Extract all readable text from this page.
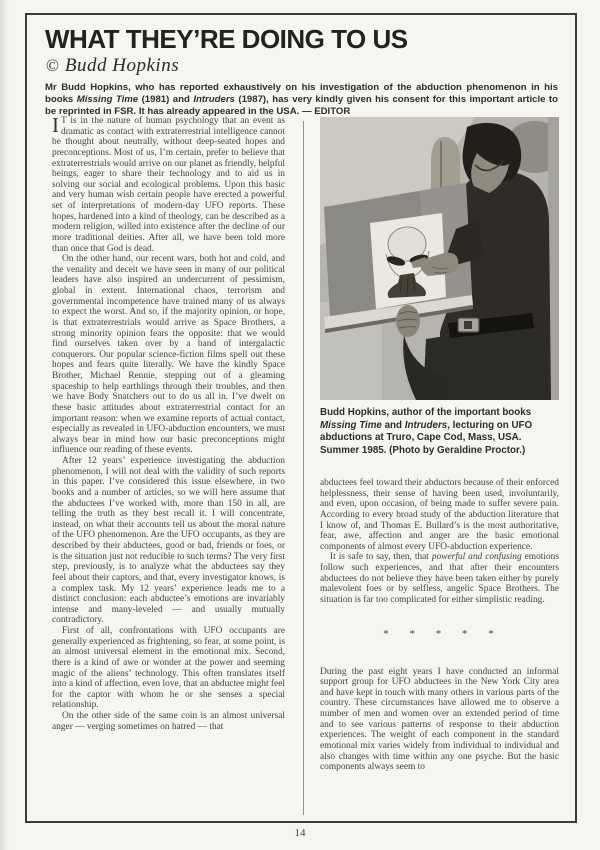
WHAT THEY’RE DOING TO US
© Budd Hopkins
Mr Budd Hopkins, who has reported exhaustively on his investigation of the abduction phenomenon in his books Missing Time (1981) and Intruders (1987), has very kindly given his consent for this important article to be reprinted in FSR. It has already appeared in the USA. — EDITOR

I T is in the nature of human psychology that an event as dramatic as contact with extraterrestrial intelligence cannot be thought about neutrally, without deep-seated hopes and preconceptions. Most of us, I’m certain, prefer to believe that extraterrestrials would arrive on our planet as friendly, helpful beings, eager to share their technology and to aid us in solving our social and ecological problems. Upon this basic and very human wish certain people have erected a powerful set of interpretations of modern-day UFO reports. These hopes, hardened into a kind of theology, can be described as a modern religion, willed into existence after the decline of our more traditional deities. After all, we have been told more than once that God is dead.

On the other hand, our recent wars, both hot and cold, and the venality and deceit we have seen in many of our political leaders have also inspired an undercurrent of pessimism, global in extent. International chaos, terrorism and governmental incompetence have trained many of us always to expect the worst. And so, if the majority opinion, or hope, is that extraterrestrials would arrive as Space Brothers, a strong minority opinion fears the opposite: that we would find ourselves taken over by a band of intergalactic conquerors. Our popular science-fiction films spell out these hopes and fears quite literally. We have the kindly Space Brother, Michael Rennie, stepping out of a gleaming spaceship to help earthlings through their troubles, and then we have Body Snatchers out to do us all in. I’ve dwelt on these basic attitudes about extraterrestrial contact for an important reason: when we examine reports of actual contact, especially as revealed in UFO-abduction encounters, we must always bear in mind how our basic preconceptions might influence our reading of these events.

After 12 years’ experience investigating the abduction phenomenon, I will not deal with the validity of such reports in this paper. I’ve considered this issue elsewhere, in two books and a number of articles, so we will here assume that the abductees I’ve worked with, more than 150 in all, are telling the truth as they best recall it. I will concentrate, instead, on what their accounts tell us about the moral nature of the UFO phenomenon. Are the UFO occupants, as they are described by their abductees, good or bad, friends or foes, or is the situation just not reducible to such terms? The very first step, previously, is to analyze what the abductees say they feel about their captors, and that, every investigator knows, is a complex task. My 12 years’ experience leads me to a distinct conclusion: each abductee’s emotions are invariably intense and many-leveled — and usually mutually contradictory.

First of all, confrontations with UFO occupants are generally experienced as frightening, so fear, at some point, is an almost universal element in the emotional mix. Second, there is a kind of awe or wonder at the power and seeming magic of the aliens’ technology. This often translates itself into a kind of affection, even love, that an abductee might feel for the captor with whom he or she senses a special relationship.

On the other side of the same coin is an almost universal anger — verging sometimes on hatred — that

Budd Hopkins, author of the important books Missing Time and Intruders, lecturing on UFO abductions at Truro, Cape Cod, Mass, USA. Summer 1985. (Photo by Geraldine Proctor.)

abductees feel toward their abductors because of their enforced helplessness, their sense of having been used, involuntarily, and even, upon occasion, of being made to suffer severe pain. According to every broad study of the abduction literature that I know of, and Thomas E. Bullard’s is the most authoritative, fear, awe, affection and anger are the basic emotional components of almost every UFO-abduction experience.

It is safe to say, then, that powerful and confusing emotions follow such experiences, and that after their encounters abductees do not believe they have been taken either by purely malevolent foes or by selfless, angelic Space Brothers. The situation is far too complicated for either simplistic reading.

* * * * *

During the past eight years I have conducted an informal support group for UFO abductees in the New York City area and have kept in touch with many others in various parts of the country. These circumstances have allowed me to observe a number of men and women over an extended period of time and to see various patterns of response to their abduction experiences. The weight of each component in the standard emotional mix varies widely from individual to individual and also changes with time within any one psyche. But the basic components always seem to

14
